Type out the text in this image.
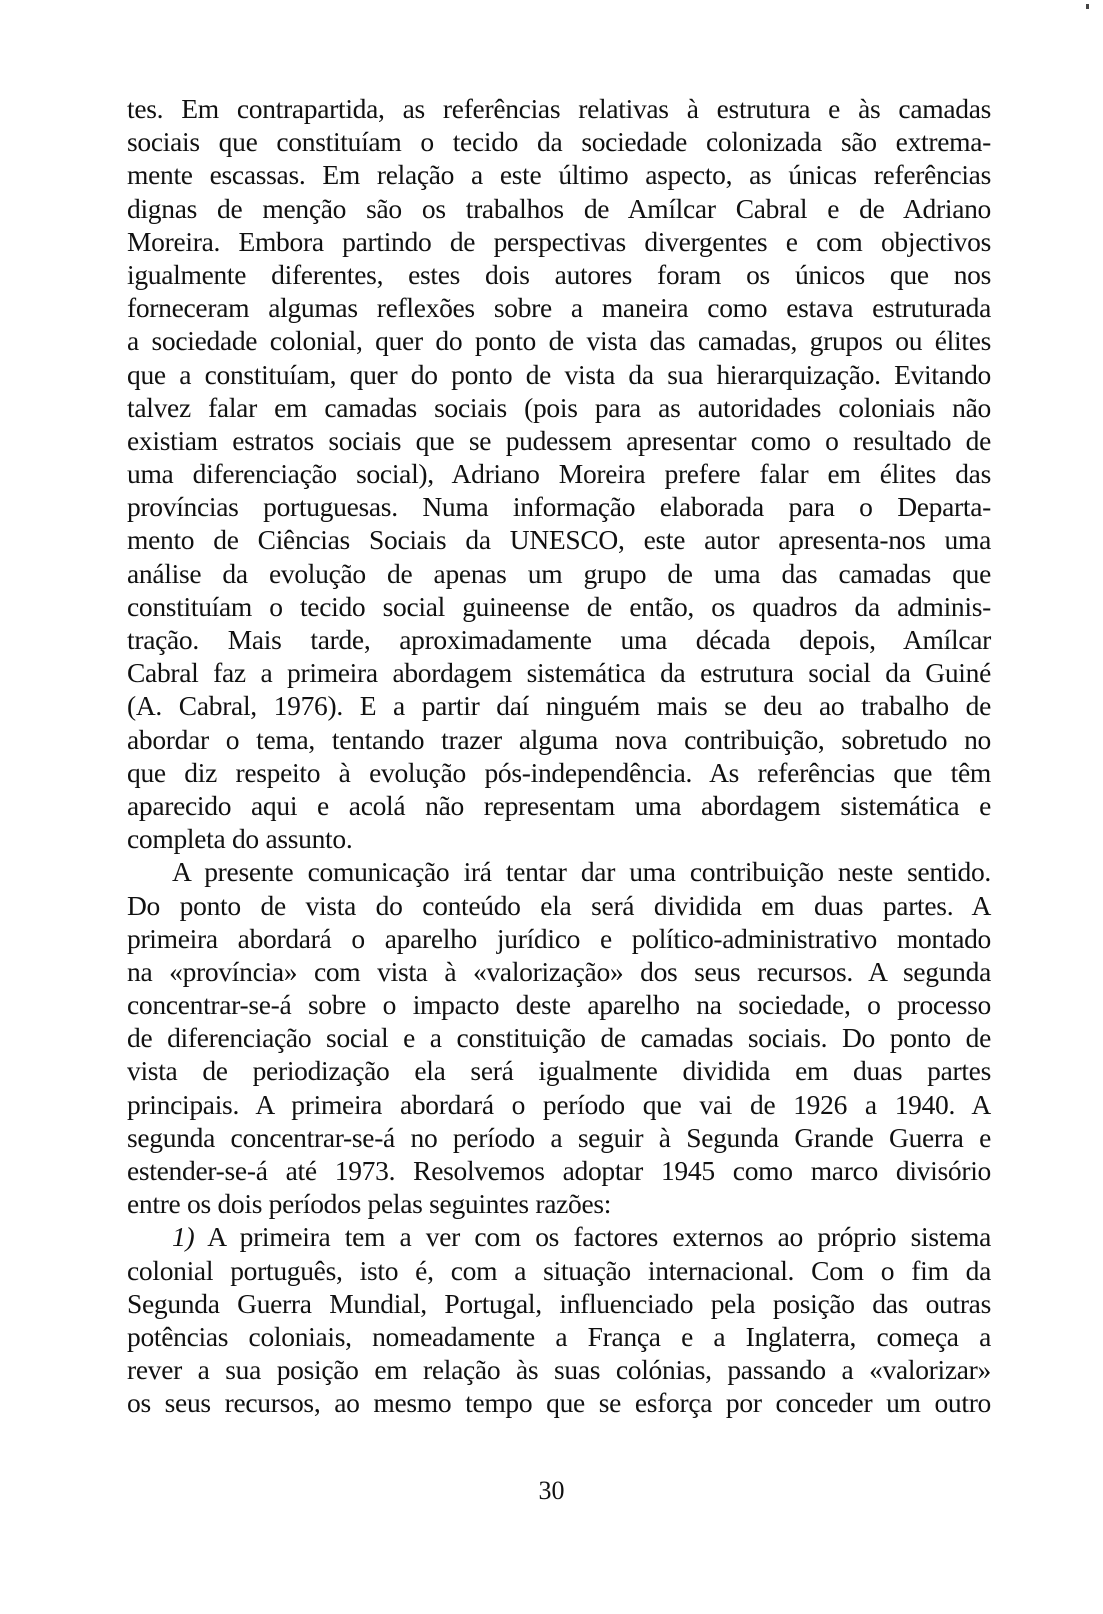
tes. Em contrapartida, as referências relativas à estrutura e às camadas
sociais que constituíam o tecido da sociedade colonizada são extrema-
mente escassas. Em relação a este último aspecto, as únicas referências
dignas de menção são os trabalhos de Amílcar Cabral e de Adriano
Moreira. Embora partindo de perspectivas divergentes e com objectivos
igualmente diferentes, estes dois autores foram os únicos que nos
forneceram algumas reflexões sobre a maneira como estava estruturada
a sociedade colonial, quer do ponto de vista das camadas, grupos ou élites
que a constituíam, quer do ponto de vista da sua hierarquização. Evitando
talvez falar em camadas sociais (pois para as autoridades coloniais não
existiam estratos sociais que se pudessem apresentar como o resultado de
uma diferenciação social), Adriano Moreira prefere falar em élites das
províncias portuguesas. Numa informação elaborada para o Departa-
mento de Ciências Sociais da UNESCO, este autor apresenta-nos uma
análise da evolução de apenas um grupo de uma das camadas que
constituíam o tecido social guineense de então, os quadros da adminis-
tração. Mais tarde, aproximadamente uma década depois, Amílcar
Cabral faz a primeira abordagem sistemática da estrutura social da Guiné
(A. Cabral, 1976). E a partir daí ninguém mais se deu ao trabalho de
abordar o tema, tentando trazer alguma nova contribuição, sobretudo no
que diz respeito à evolução pós-independência. As referências que têm
aparecido aqui e acolá não representam uma abordagem sistemática e
completa do assunto.
A presente comunicação irá tentar dar uma contribuição neste sentido.
Do ponto de vista do conteúdo ela será dividida em duas partes. A
primeira abordará o aparelho jurídico e político-administrativo montado
na «província» com vista à «valorização» dos seus recursos. A segunda
concentrar-se-á sobre o impacto deste aparelho na sociedade, o processo
de diferenciação social e a constituição de camadas sociais. Do ponto de
vista de periodização ela será igualmente dividida em duas partes
principais. A primeira abordará o período que vai de 1926 a 1940. A
segunda concentrar-se-á no período a seguir à Segunda Grande Guerra e
estender-se-á até 1973. Resolvemos adoptar 1945 como marco divisório
entre os dois períodos pelas seguintes razões:
1) A primeira tem a ver com os factores externos ao próprio sistema
colonial português, isto é, com a situação internacional. Com o fim da
Segunda Guerra Mundial, Portugal, influenciado pela posição das outras
potências coloniais, nomeadamente a França e a Inglaterra, começa a
rever a sua posição em relação às suas colónias, passando a «valorizar»
os seus recursos, ao mesmo tempo que se esforça por conceder um outro
30
